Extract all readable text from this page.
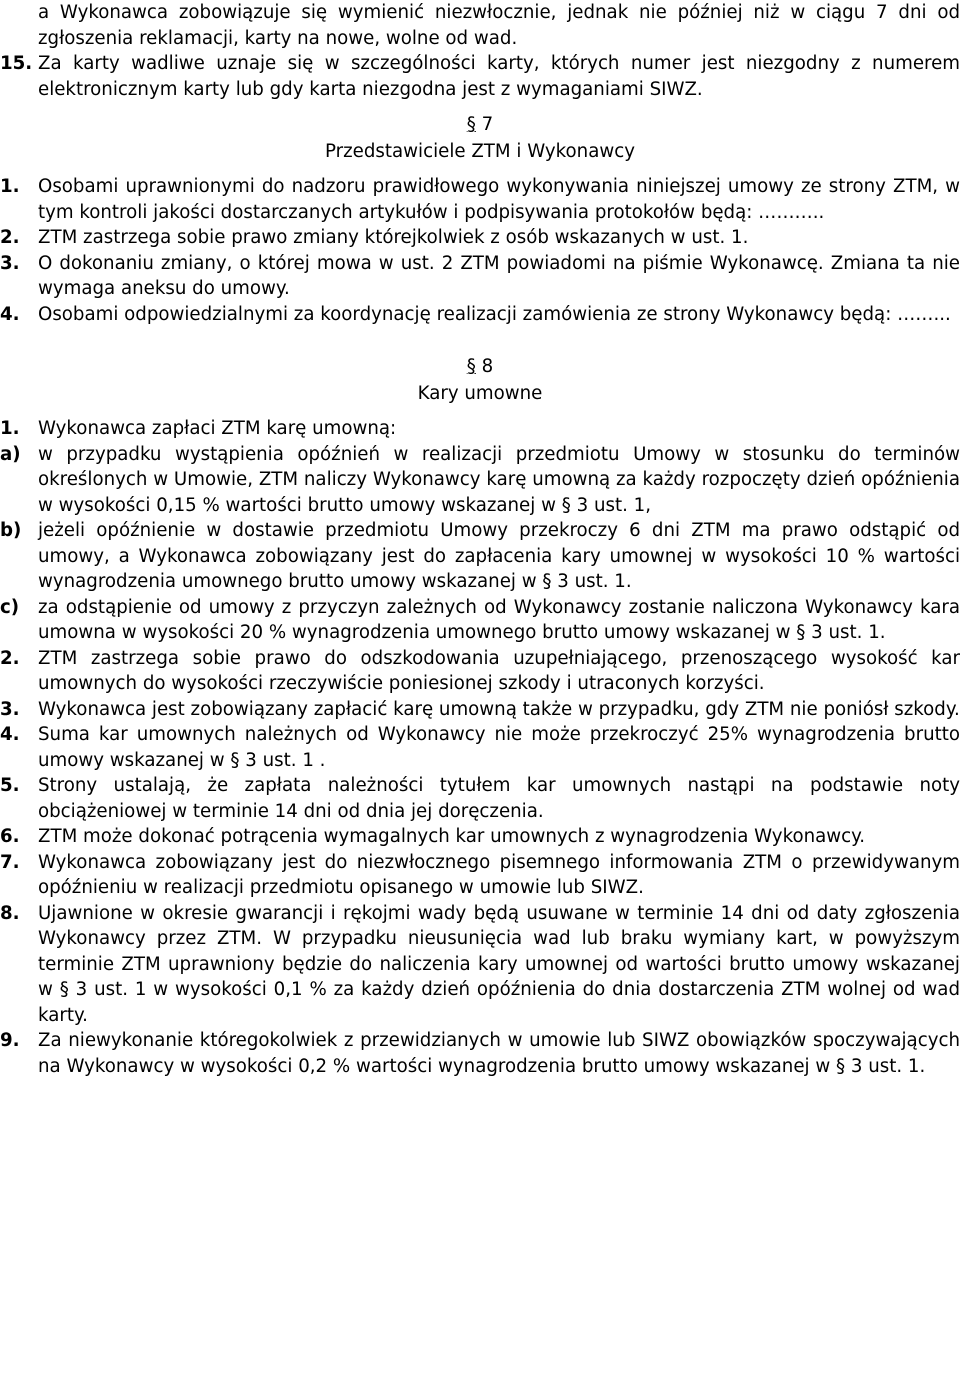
a Wykonawca zobowiązuje się wymienić niezwłocznie, jednak nie później niż w ciągu 7 dni od zgłoszenia reklamacji, karty na nowe, wolne od wad.

15. Za karty wadliwe uznaje się w szczególności karty, których numer jest niezgodny z numerem elektronicznym karty lub gdy karta niezgodna jest z wymaganiami SIWZ.
§ 7
Przedstawiciele ZTM i Wykonawcy
1. Osobami uprawnionymi do nadzoru prawidłowego wykonywania niniejszej umowy ze strony ZTM, w tym kontroli jakości dostarczanych artykułów i podpisywania protokołów będą: ………..
2. ZTM zastrzega sobie prawo zmiany którejkolwiek z osób wskazanych w ust. 1.
3. O dokonaniu zmiany, o której mowa w ust. 2 ZTM powiadomi na piśmie Wykonawcę. Zmiana ta nie wymaga aneksu do umowy.
4. Osobami odpowiedzialnymi za koordynację realizacji zamówienia ze strony Wykonawcy będą: ……...
§ 8
Kary umowne
1. Wykonawca zapłaci ZTM karę umowną:
a) w przypadku wystąpienia opóźnień w realizacji przedmiotu Umowy w stosunku do terminów określonych w Umowie, ZTM naliczy Wykonawcy karę umowną za każdy rozpoczęty dzień opóźnienia w wysokości 0,15 % wartości brutto umowy wskazanej w § 3 ust. 1,
b) jeżeli opóźnienie w dostawie przedmiotu Umowy przekroczy 6 dni ZTM ma prawo odstąpić od umowy, a Wykonawca zobowiązany jest do zapłacenia kary umownej w wysokości 10 % wartości wynagrodzenia umownego brutto umowy wskazanej w § 3 ust. 1.
c) za odstąpienie od umowy z przyczyn zależnych od Wykonawcy zostanie naliczona Wykonawcy kara umowna w wysokości 20 % wynagrodzenia umownego brutto umowy wskazanej w § 3 ust. 1.
2. ZTM zastrzega sobie prawo do odszkodowania uzupełniającego, przenoszącego wysokość kar umownych do wysokości rzeczywiście poniesionej szkody i utraconych korzyści.
3. Wykonawca jest zobowiązany zapłacić karę umowną także w przypadku, gdy ZTM nie poniósł szkody.
4. Suma kar umownych należnych od Wykonawcy nie może przekroczyć 25% wynagrodzenia brutto umowy wskazanej w § 3 ust. 1 .
5. Strony ustalają, że zapłata należności tytułem kar umownych nastąpi na podstawie noty obciążeniowej w terminie 14 dni od dnia jej doręczenia.
6. ZTM może dokonać potrącenia wymagalnych kar umownych z wynagrodzenia Wykonawcy.
7. Wykonawca zobowiązany jest do niezwłocznego pisemnego informowania ZTM o przewidywanym opóźnieniu w realizacji przedmiotu opisanego w umowie lub SIWZ.
8. Ujawnione w okresie gwarancji i rękojmi wady będą usuwane w terminie 14 dni od daty zgłoszenia Wykonawcy przez ZTM. W przypadku nieusunięcia wad lub braku wymiany kart, w powyższym terminie ZTM uprawniony będzie do naliczenia kary umownej od wartości brutto umowy wskazanej w § 3 ust. 1 w wysokości 0,1 % za każdy dzień opóźnienia do dnia dostarczenia ZTM wolnej od wad karty.
9. Za niewykonanie któregokolwiek z przewidzianych w umowie lub SIWZ obowiązków spoczywających na Wykonawcy w wysokości 0,2 % wartości wynagrodzenia brutto umowy wskazanej w § 3 ust. 1.
